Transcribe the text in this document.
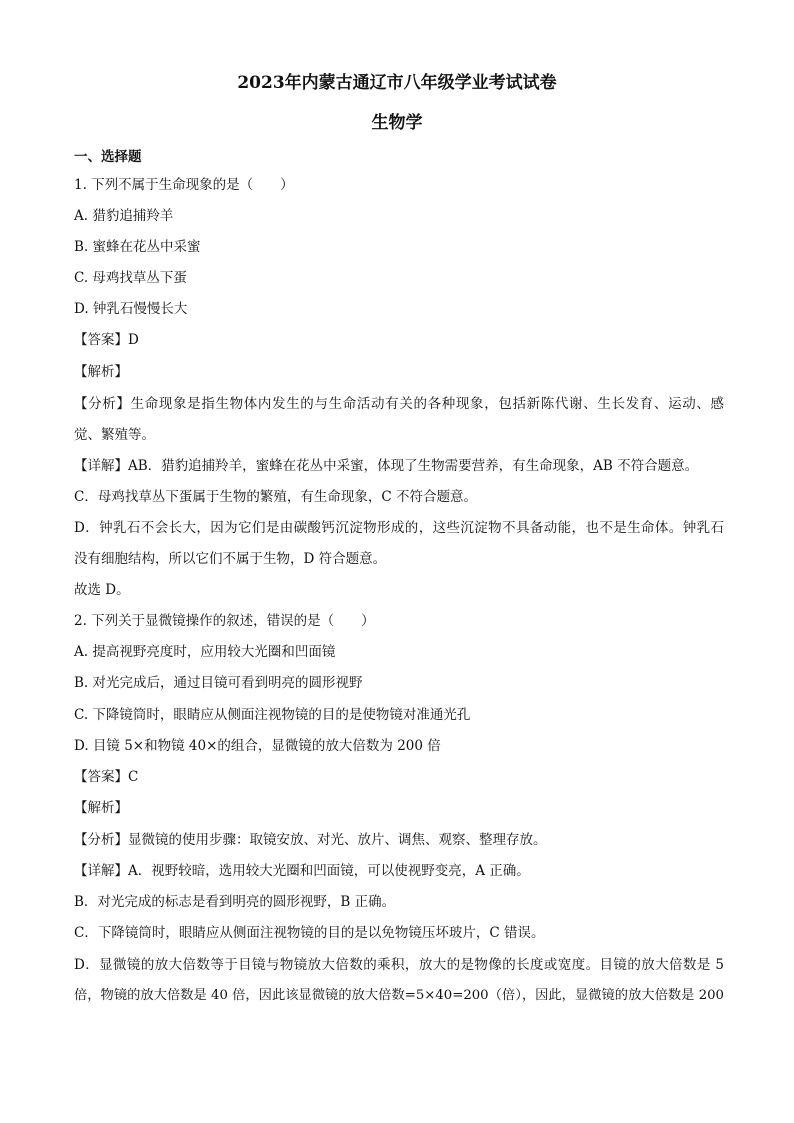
2023年内蒙古通辽市八年级学业考试试卷
生物学
一、选择题
1. 下列不属于生命现象的是（　　）
A. 猎豹追捕羚羊
B. 蜜蜂在花丛中采蜜
C. 母鸡找草丛下蛋
D. 钟乳石慢慢长大
【答案】D
【解析】
【分析】生命现象是指生物体内发生的与生命活动有关的各种现象，包括新陈代谢、生长发育、运动、感
觉、繁殖等。
【详解】AB．猎豹追捕羚羊，蜜蜂在花丛中采蜜，体现了生物需要营养，有生命现象，AB 不符合题意。
C．母鸡找草丛下蛋属于生物的繁殖，有生命现象，C 不符合题意。
D．钟乳石不会长大，因为它们是由碳酸钙沉淀物形成的，这些沉淀物不具备动能，也不是生命体。钟乳石
没有细胞结构，所以它们不属于生物，D 符合题意。
故选 D。
2. 下列关于显微镜操作的叙述，错误的是（　　）
A. 提高视野亮度时，应用较大光圈和凹面镜
B. 对光完成后，通过目镜可看到明亮的圆形视野
C. 下降镜筒时，眼睛应从侧面注视物镜的目的是使物镜对准通光孔
D. 目镜 5×和物镜 40×的组合，显微镜的放大倍数为 200 倍
【答案】C
【解析】
【分析】显微镜的使用步骤：取镜安放、对光、放片、调焦、观察、整理存放。
【详解】A．视野较暗，选用较大光圈和凹面镜，可以使视野变亮，A 正确。
B．对光完成的标志是看到明亮的圆形视野，B 正确。
C．下降镜筒时，眼睛应从侧面注视物镜的目的是以免物镜压坏玻片，C 错误。
D．显微镜的放大倍数等于目镜与物镜放大倍数的乘积，放大的是物像的长度或宽度。目镜的放大倍数是 5
倍，物镜的放大倍数是 40 倍，因此该显微镜的放大倍数=5×40=200（倍），因此，显微镜的放大倍数是 200
